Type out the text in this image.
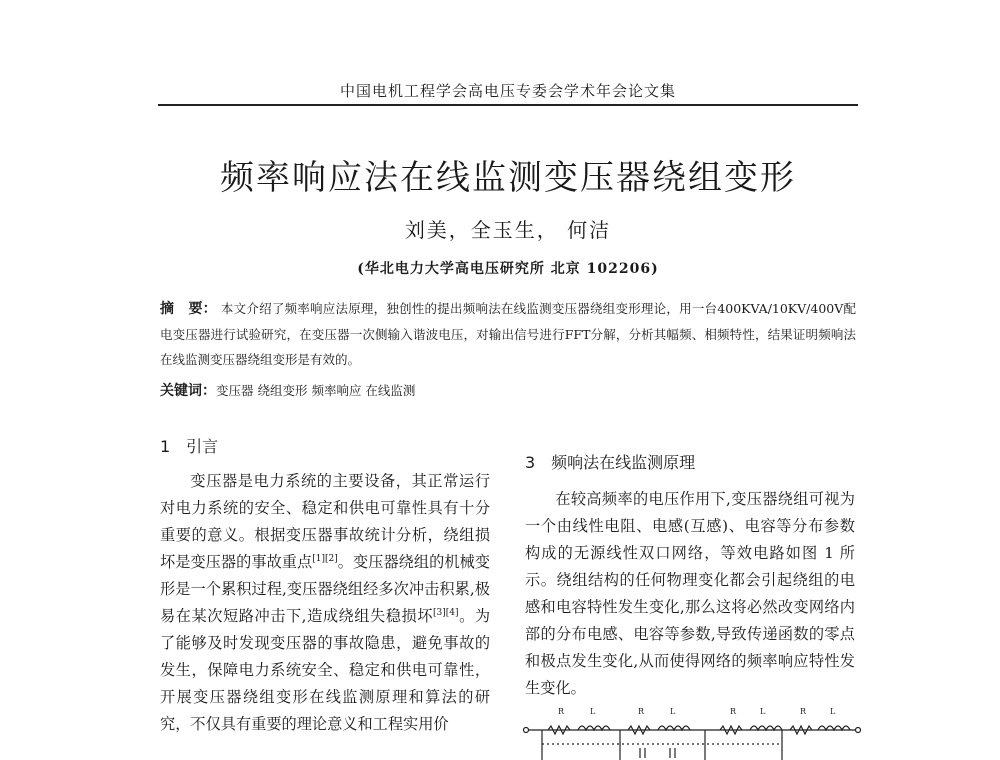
中国电机工程学会高电压专委会学术年会论文集
频率响应法在线监测变压器绕组变形
刘美，全玉生， 何洁
(华北电力大学高电压研究所 北京 102206)
摘　要： 本文介绍了频率响应法原理，独创性的提出频响法在线监测变压器绕组变形理论，用一台400KVA/10KV/400V配电变压器进行试验研究，在变压器一次侧输入谐波电压，对输出信号进行FFT分解，分析其幅频、相频特性，结果证明频响法在线监测变压器绕组变形是有效的。
关键词：变压器 绕组变形 频率响应 在线监测
1　引言
变压器是电力系统的主要设备，其正常运行对电力系统的安全、稳定和供电可靠性具有十分重要的意义。根据变压器事故统计分析，绕组损坏是变压器的事故重点[1][2]。变压器绕组的机械变形是一个累积过程,变压器绕组经多次冲击积累,极易在某次短路冲击下,造成绕组失稳损坏[3][4]。为了能够及时发现变压器的事故隐患，避免事故的发生，保障电力系统安全、稳定和供电可靠性，开展变压器绕组变形在线监测原理和算法的研究，不仅具有重要的理论意义和工程实用价
3　频响法在线监测原理
在较高频率的电压作用下,变压器绕组可视为一个由线性电阻、电感(互感)、电容等分布参数构成的无源线性双口网络，等效电路如图 1 所示。绕组结构的任何物理变化都会引起绕组的电感和电容特性发生变化,那么这将必然改变网络内部的分布电感、电容等参数,导致传递函数的零点和极点发生变化,从而使得网络的频率响应特性发生变化。
R	L	R	L	R	L	R	L
